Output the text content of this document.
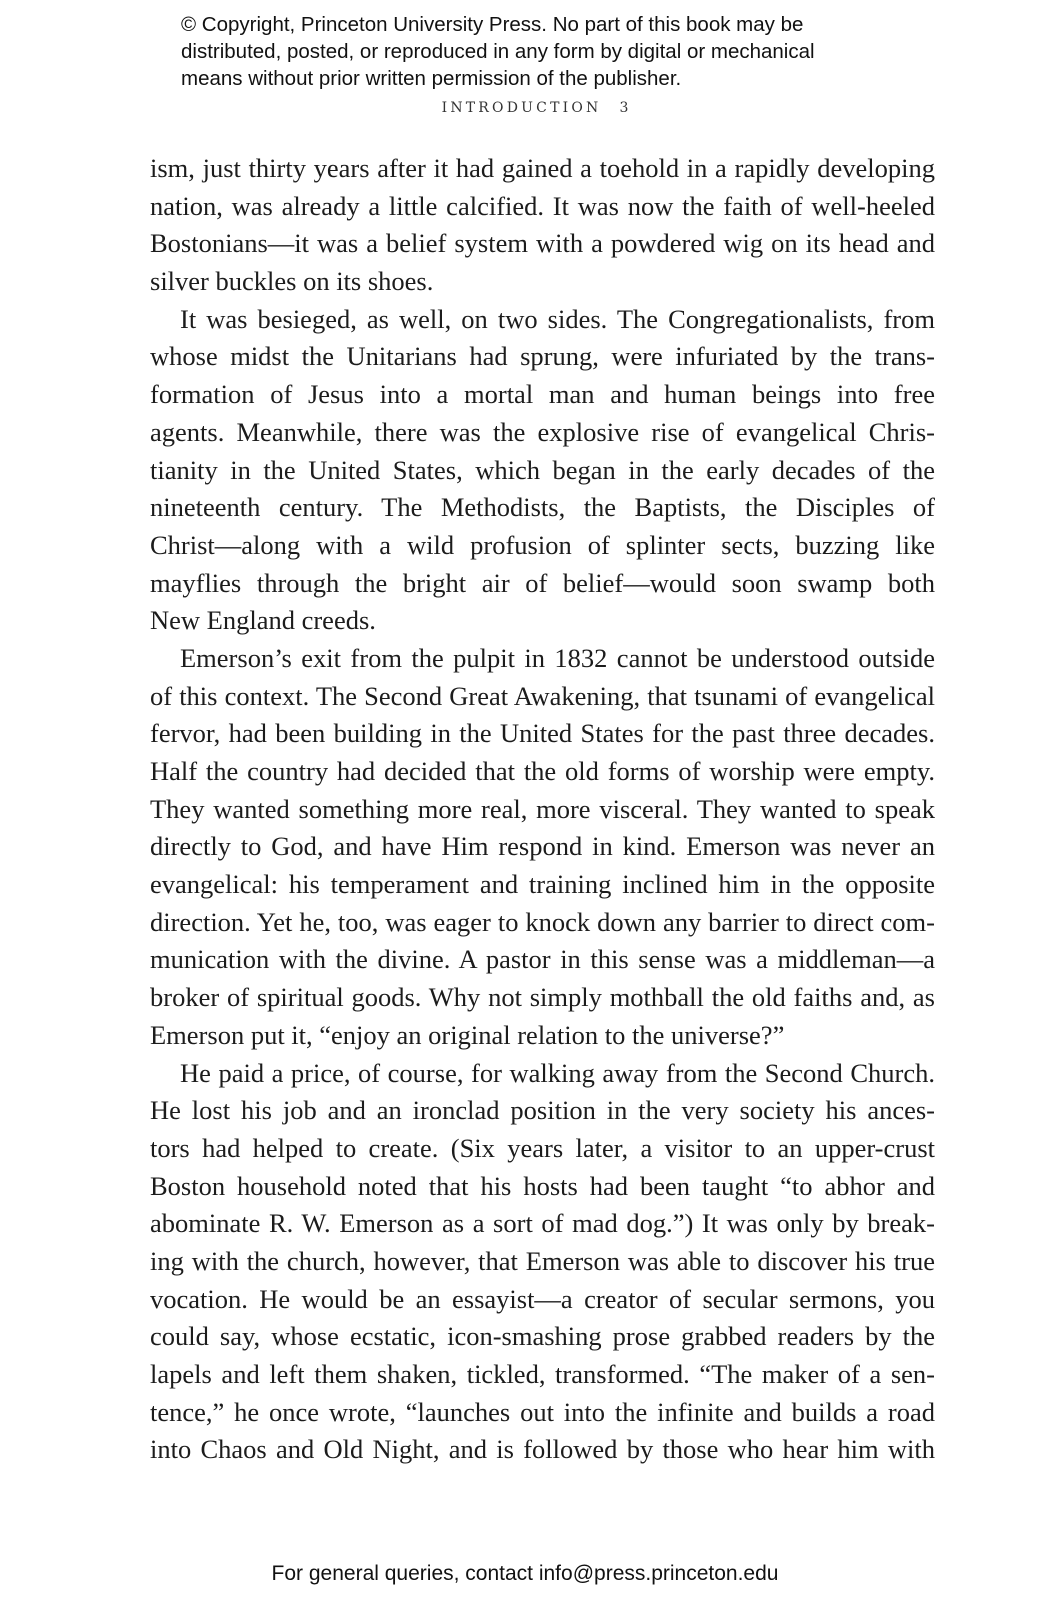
© Copyright, Princeton University Press. No part of this book may be
distributed, posted, or reproduced in any form by digital or mechanical
means without prior written permission of the publisher.
INTRODUCTION 3
ism, just thirty years after it had gained a toehold in a rapidly developing
nation, was already a little calcified. It was now the faith of well-heeled
Bostonians—it was a belief system with a powdered wig on its head and
silver buckles on its shoes.
It was besieged, as well, on two sides. The Congregationalists, from
whose midst the Unitarians had sprung, were infuriated by the trans-
formation of Jesus into a mortal man and human beings into free
agents. Meanwhile, there was the explosive rise of evangelical Chris-
tianity in the United States, which began in the early decades of the
nineteenth century. The Methodists, the Baptists, the Disciples of
Christ—along with a wild profusion of splinter sects, buzzing like
mayflies through the bright air of belief—would soon swamp both
New England creeds.
Emerson’s exit from the pulpit in 1832 cannot be understood outside
of this context. The Second Great Awakening, that tsunami of evangelical
fervor, had been building in the United States for the past three decades.
Half the country had decided that the old forms of worship were empty.
They wanted something more real, more visceral. They wanted to speak
directly to God, and have Him respond in kind. Emerson was never an
evangelical: his temperament and training inclined him in the opposite
direction. Yet he, too, was eager to knock down any barrier to direct com-
munication with the divine. A pastor in this sense was a middleman—a
broker of spiritual goods. Why not simply mothball the old faiths and, as
Emerson put it, “enjoy an original relation to the universe?”
He paid a price, of course, for walking away from the Second Church.
He lost his job and an ironclad position in the very society his ances-
tors had helped to create. (Six years later, a visitor to an upper-crust
Boston household noted that his hosts had been taught “to abhor and
abominate R. W. Emerson as a sort of mad dog.”) It was only by break-
ing with the church, however, that Emerson was able to discover his true
vocation. He would be an essayist—a creator of secular sermons, you
could say, whose ecstatic, icon-smashing prose grabbed readers by the
lapels and left them shaken, tickled, transformed. “The maker of a sen-
tence,” he once wrote, “launches out into the infinite and builds a road
into Chaos and Old Night, and is followed by those who hear him with
For general queries, contact info@press.princeton.edu
